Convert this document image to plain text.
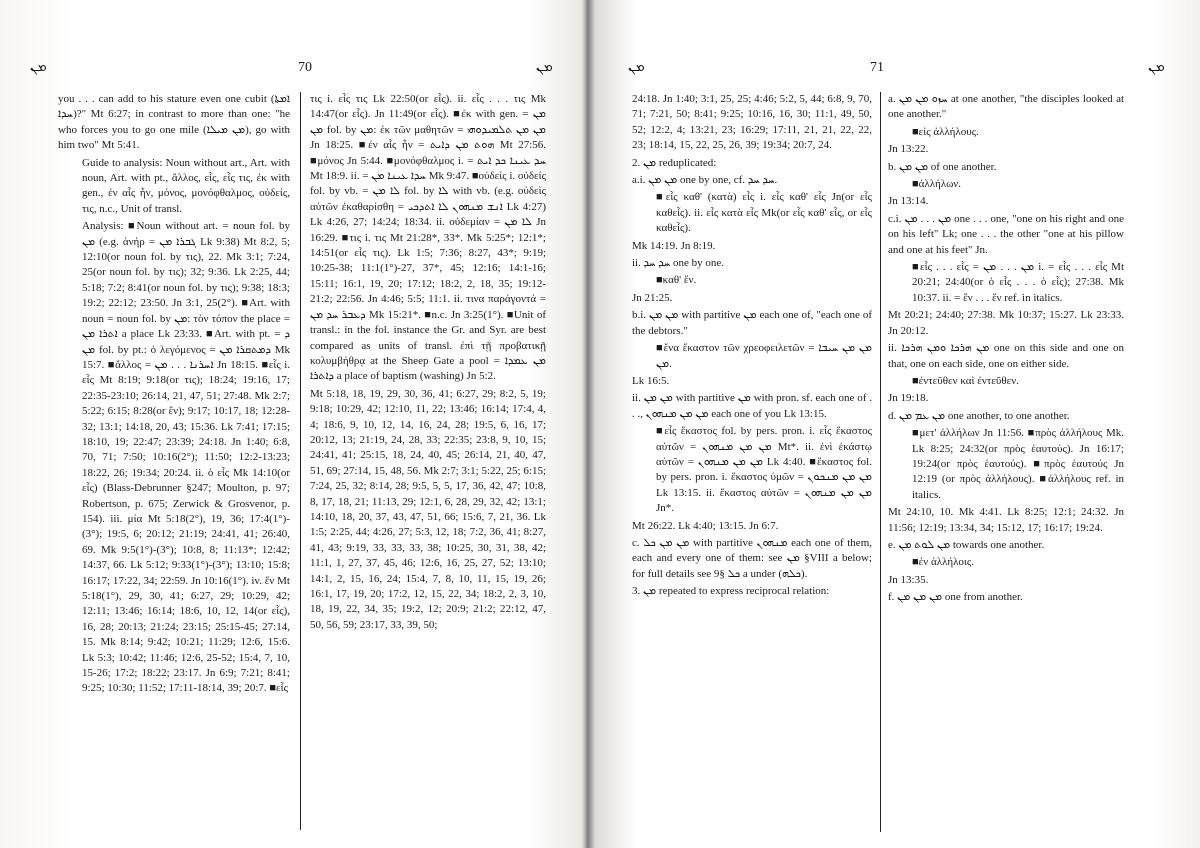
ܡܢ	70	ܡܢ

you . . . can add to his stature even one cubit (ܐܡܬܐ ܚܕܐ)?" Mt 6:27; in contrast to more than one: "he who forces you to go one mile (ܡܢ ܡܝܠܐ), go with him two" Mt 5:41.

Guide to analysis: Noun without art., Art. with noun, Art. with pt., ἄλλος, εἷς, εἷς τις, ἐκ with gen., ἐν αἷς ἦν, μόνος, μονόφθαλμος, οὐδείς, τις, n.c., Unit of transl.

Analysis: ■Noun without art. = noun fol. by ܡܢ (e.g. ἀνήρ = ܓܒܪܐ ܡܢ Lk 9:38) Mt 8:2, 5; 12:10(or noun fol. by τις), 22. Mk 3:1; 7:24, 25(or noun fol. by τις); 32; 9:36. Lk 2:25, 44; 5:18; 7:2; 8:41(or noun fol. by τις); 9:38; 18:3; 19:2; 22:12; 23:50. Jn 3:1, 25(2°). ■Art. with noun = noun fol. by ܡܢ: τὸν τόπον the place = ܐܬܪܐ ܡܢ a place Lk 23:33. ■Art. with pt. = ܕ ܡܢ fol. by pt.: ὁ λεγόμενος = ܕܡܬܩܪܐ ܡܢ Mk 15:7. ■ἄλλος = ܐܚܪܢܐ . . . ܡܢ Jn 18:15. ■εἷς i. εἷς Mt 8:19; 9:18(or τις); 18:24; 19:16, 17; 22:35-23:10; 26:14, 21, 47, 51; 27:48. Mk 2:7; 5:22; 6:15; 8:28(or ἕν); 9:17; 10:17, 18; 12:28-32; 13:1; 14:18, 20, 43; 15:36. Lk 7:41; 17:15; 18:10, 19; 22:47; 23:39; 24:18. Jn 1:40; 6:8, 70, 71; 7:50; 10:16(2°); 11:50; 12:2-13:23; 18:22, 26; 19:34; 20:24. ii. ὁ εἷς Mk 14:10(or εἷς) (Blass-Debrunner §247; Moulton, p. 97; Robertson, p. 675; Zerwick & Grosvenor, p. 154). iii. μία Mt 5:18(2°), 19, 36; 17:4(1°)-(3°); 19:5, 6; 20:12; 21:19; 24:41, 41; 26:40, 69. Mk 9:5(1°)-(3°); 10:8, 8; 11:13*; 12:42; 14:37, 66. Lk 5:12; 9:33(1°)-(3°); 13:10; 15:8; 16:17; 17:22, 34; 22:59. Jn 10:16(1°). iv. ἕν Mt 5:18(1°), 29, 30, 41; 6:27, 29; 10:29, 42; 12:11; 13:46; 16:14; 18:6, 10, 12, 14(or εἷς), 16, 28; 20:13; 21:24; 23:15; 25:15-45; 27:14, 15. Mk 8:14; 9:42; 10:21; 11:29; 12:6, 15:6. Lk 5:3; 10:42; 11:46; 12:6, 25-52; 15:4, 7, 10, 15-26; 17:2; 18:22; 23:17. Jn 6:9; 7:21; 8:41; 9:25; 10:30; 11:52; 17:11-18:14, 39; 20:7. ■εἷς

τις i. εἷς τις Lk 22:50(or εἷς). ii. εἷς . . . τις Mk 14:47(or εἷς). Jn 11:49(or εἷς). ■ἐκ with gen. = ܡܢ ܡܢ fol. by ܡܢ: ἐκ τῶν μαθητῶν = ܡܢ ܡܢ ܬܠܡܝܕܘܗܝ Jn 18:25. ■ἐν αἷς ἦν = ܗܘܬ ܡܢ ܕܐܝܬ Mt 27:56. ■μόνος Jn 5:44. ■μονόφθαλμος i. = ܚܕ ܥܝܢܐ ܟܕ ܐܝܬ Mt 18:9. ii. = ܚܕܐ ܥܝܢܐ ܡܢ Mk 9:47. ■οὐδείς i. οὐδείς fol. by vb. = ܠܐ ܡܢ fol. by ܠܐ with vb. (e.g. οὐδεὶς αὐτῶν ἐκαθαρίσθη = ܐܢܫ ܡܢܗܘܢ ܠܐ ܐܬܕܟܝ Lk 4:27) Lk 4:26, 27; 14:24; 18:34. ii. οὐδεμίαν = ܠܐ ܡܢ Jn 16:29. ■τις i. τις Mt 21:28*, 33*. Mk 5:25*; 12:1*; 14:51(or εἷς τις). Lk 1:5; 7:36; 8:27, 43*; 9:19; 10:25-38; 11:1(1°)-27, 37*, 45; 12:16; 14:1-16; 15:11; 16:1, 19, 20; 17:12; 18:2, 2, 18, 35; 19:12-21:2; 22:56. Jn 4:46; 5:5; 11:1. ii. τινα παράγοντά = ܕܥܒܪ ܚܕ ܡܢ Mk 15:21*. ■n.c. Jn 3:25(1°). ■Unit of transl.: in the fol. instance the Gr. and Syr. are best compared as units of transl. ἐπὶ τῇ προβατικῇ κολυμβήθρᾳ at the Sheep Gate a pool = ܡܢ ܥܡܕܐ ܕܐܬܪܐ a place of baptism (washing) Jn 5:2.

Mt 5:18, 18, 19, 29, 30, 36, 41; 6:27, 29; 8:2, 5, 19; 9:18; 10:29, 42; 12:10, 11, 22; 13:46; 16:14; 17:4, 4, 4; 18:6, 9, 10, 12, 14, 16, 24, 28; 19:5, 6, 16, 17; 20:12, 13; 21:19, 24, 28, 33; 22:35; 23:8, 9, 10, 15; 24:41, 41; 25:15, 18, 24, 40, 45; 26:14, 21, 40, 47, 51, 69; 27:14, 15, 48, 56. Mk 2:7; 3:1; 5:22, 25; 6:15; 7:24, 25, 32; 8:14, 28; 9:5, 5, 5, 17, 36, 42, 47; 10:8, 8, 17, 18, 21; 11:13, 29; 12:1, 6, 28, 29, 32, 42; 13:1; 14:10, 18, 20, 37, 43, 47, 51, 66; 15:6, 7, 21, 36. Lk 1:5; 2:25, 44; 4:26, 27; 5:3, 12, 18; 7:2, 36, 41; 8:27, 41, 43; 9:19, 33, 33, 33, 38; 10:25, 30, 31, 38, 42; 11:1, 1, 27, 37, 45, 46; 12:6, 16, 25, 27, 52; 13:10; 14:1, 2, 15, 16, 24; 15:4, 7, 8, 10, 11, 15, 19, 26; 16:1, 17, 19, 20; 17:2, 12, 15, 22, 34; 18:2, 2, 3, 10, 18, 19, 22, 34, 35; 19:2, 12; 20:9; 21:2; 22:12, 47, 50, 56, 59; 23:17, 33, 39, 50;

ܡܢ	71	ܡܢ

24:18. Jn 1:40; 3:1, 25, 25; 4:46; 5:2, 5, 44; 6:8, 9, 70, 71; 7:21, 50; 8:41; 9:25; 10:16, 16, 30; 11:1, 49, 50, 52; 12:2, 4; 13:21, 23; 16:29; 17:11, 21, 21, 22, 22, 23; 18:14, 15, 22, 25, 26, 39; 19:34; 20:7, 24.

2. ܡܢ reduplicated:

a.i. ܡܢ ܡܢ one by one, cf. ܚܕ ܚܕ.

■εἷς καθ' (κατὰ) εἷς i. εἷς καθ' εἷς Jn(or εἷς καθεἷς). ii. εἷς κατὰ εἷς Mk(or εἷς καθ' εἷς, or εἷς καθεἷς).

Mk 14:19. Jn 8:19.

ii. ܚܕ ܚܕ one by one.

■καθ' ἕν.

Jn 21:25.

b.i. ܡܢ ܡܢ with partitive ܡܢ each one of, "each one of the debtors."

■ἕνα ἕκαστον τῶν χρεοφειλετῶν = ܡܢ ܡܢ ܚܝܒܐ ܡܢ.

Lk 16:5.

ii. ܡܢ ܡܢ with partitive ܡܢ with pron. sf. each one of . . ., ܡܢ ܡܢ ܡܢܗܘܢ each one of you Lk 13:15.

■εἷς ἕκαστος fol. by pers. pron. i. εἷς ἕκαστος αὐτῶν = ܡܢ ܡܢ ܡܢܗܘܢ Mt*. ii. ἑνὶ ἑκάστῳ αὐτῶν = ܡܢ ܡܢ ܡܢܗܘܢ Lk 4:40. ■ἕκαστος fol. by pers. pron. i. ἕκαστος ὑμῶν = ܡܢ ܡܢ ܡܢܟܘܢ Lk 13:15. ii. ἕκαστος αὐτῶν = ܡܢ ܡܢ ܡܢܗܘܢ Jn*.

Mt 26:22. Lk 4:40; 13:15. Jn 6:7.

c. ܡܢ ܡܢ ܟܠ with partitive ܡܢܗܘܢ each one of them, each and every one of them: see ܡܢ §VIII a below; for full details see ܟܠ §9 a under (ܟܠܗ).

3. ܡܢ repeated to express reciprocal relation:

a. ܚܙܘ ܡܢ ܡܢ at one another, "the disciples looked at one another."

■εἰς ἀλλήλους.

Jn 13:22.

b. ܡܢ ܡܢ of one another.

■ἀλλήλων.

Jn 13:14.

c.i. ܡܢ . . . ܡܢ one . . . one, "one on his right and one on his left" Lk; one . . . the other "one at his pillow and one at his feet" Jn.

■εἷς . . . εἷς = ܡܢ . . . ܡܢ i. = εἷς . . . εἷς Mt 20:21; 24:40(or ὁ εἷς . . . ὁ εἷς); 27:38. Mk 10:37. ii. = ἕν . . . ἕν ref. in italics.

Mt 20:21; 24:40; 27:38. Mk 10:37; 15:27. Lk 23:33. Jn 20:12.

ii. ܡܢ ܗܪܟܐ ܘܡܢ ܗܪܟܐ one on this side and one on that, one on each side, one on either side.

■ἐντεῦθεν καὶ ἐντεῦθεν.

Jn 19:18.

d. ܡܢ ܥܡ ܡܢ one another, to one another.

■μετ' ἀλλήλων Jn 11:56. ■πρὸς ἀλλήλους Mk. Lk 8:25; 24:32(or πρὸς ἑαυτούς). Jn 16:17; 19:24(or πρὸς ἑαυτούς). ■πρὸς ἑαυτούς Jn 12:19 (or πρὸς ἀλλήλους). ■ἀλλήλους ref. in italics.

Mt 24:10, 10. Mk 4:41. Lk 8:25; 12:1; 24:32. Jn 11:56; 12:19; 13:34, 34; 15:12, 17; 16:17; 19:24.

e. ܡܢ ܠܘܬ ܡܢ towards one another.

■ἐν ἀλλήλοις.

Jn 13:35.

f. ܡܢ ܡܢ ܡܢ one from another.
